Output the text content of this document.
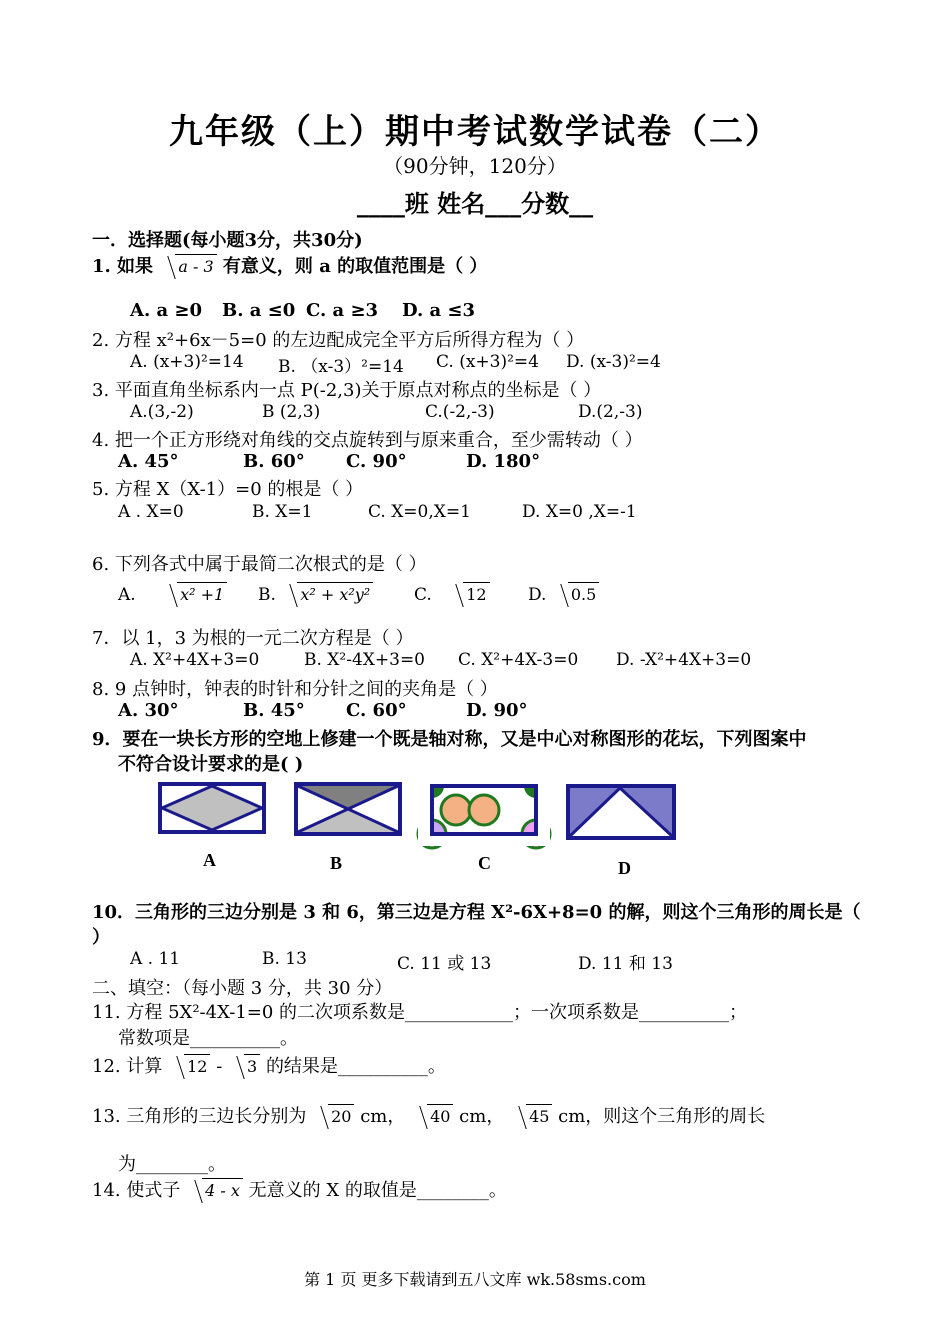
九年级（上）期中考试数学试卷（二）
（90分钟，120分）
____班 姓名___分数__
一．选择题(每小题3分，共30分)
1. 如果 a - 3 有意义，则 a 的取值范围是（ ）
A. a ≥0 B. a ≤0 C. a ≥3 D. a ≤3
2. 方程 x²+6x－5=0 的左边配成完全平方后所得方程为（ ）
A. (x+3)²=14 B. （x-3）²=14 C. (x+3)²=4 D. (x-3)²=4
3. 平面直角坐标系内一点 P(-2,3)关于原点对称点的坐标是（ ）
A.(3,-2)	B (2,3)	C.(-2,-3)	D.(2,-3)
4. 把一个正方形绕对角线的交点旋转到与原来重合，至少需转动（ ）
A. 45°	B. 60° C. 90°	D. 180°
5. 方程 X（X-1）=0 的根是（ ）
A . X=0	B. X=1	C. X=0,X=1	D. X=0 ,X=-1
6. 下列各式中属于最简二次根式的是（ ）
A.	x² +1 B. x² + x²y²	C. 12 D. 0.5
7．以 1，3 为根的一元二次方程是（ ）
A. X²+4X+3=0	B. X²-4X+3=0 C. X²+4X-3=0 D. -X²+4X+3=0
8. 9 点钟时，钟表的时针和分针之间的夹角是（ ）
A. 30°	B. 45° C. 60°	D. 90°
9．要在一块长方形的空地上修建一个既是轴对称，又是中心对称图形的花坛，下列图案中
不符合设计要求的是( )
A	B	C	D
10．三角形的三边分别是 3 和 6，第三边是方程 X²-6X+8=0 的解，则这个三角形的周长是（
）
A . 11	B. 13	C. 11 或 13	D. 11 和 13
二、填空：（每小题 3 分，共 30 分）
11. 方程 5X²-4X-1=0 的二次项系数是____________；一次项系数是__________；
常数项是__________。
12. 计算 12 - 3 的结果是__________。
13. 三角形的三边长分别为 20 cm， 40 cm， 45 cm，则这个三角形的周长
为________。
14. 使式子 4 - x 无意义的 X 的取值是________。
第 1 页 更多下载请到五八文库 wk.58sms.com
